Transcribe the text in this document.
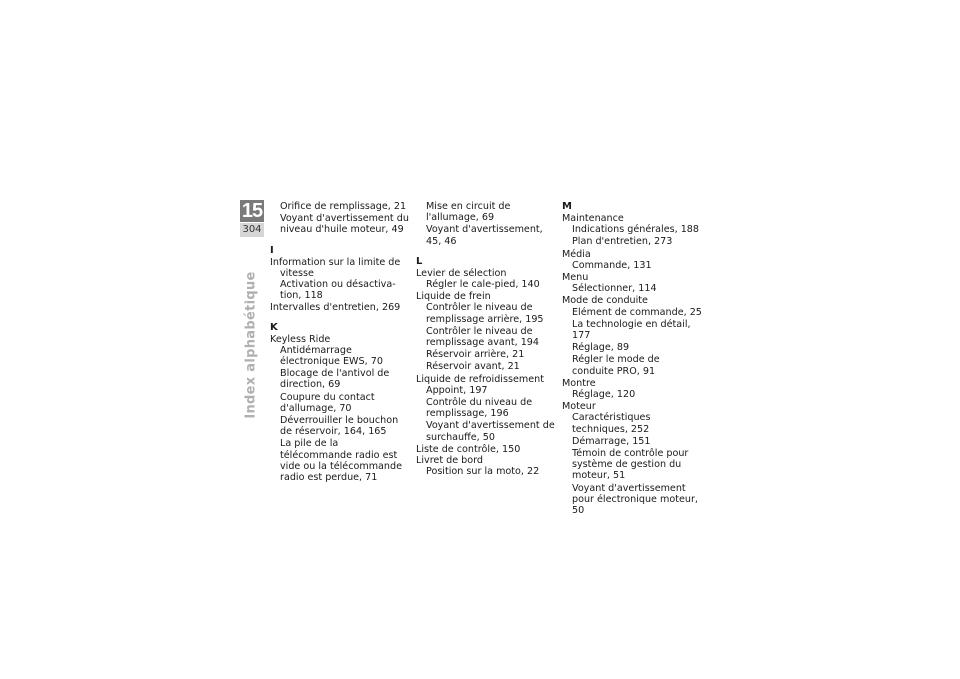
15
304
Index alphabétique
Orifice de remplissage, 21
Voyant d'avertissement du niveau d'huile moteur, 49
I
Information sur la limite de vitesse
Activation ou désactiva- tion, 118
Intervalles d'entretien, 269
K
Keyless Ride
Antidémarrage électronique EWS, 70
Blocage de l'antivol de direction, 69
Coupure du contact d'allumage, 70
Déverrouiller le bouchon de réservoir, 164, 165
La pile de la télécommande radio est vide ou la télécommande radio est perdue, 71
Mise en circuit de l'allumage, 69
Voyant d'avertissement, 45, 46
L
Levier de sélection
Régler le cale-pied, 140
Liquide de frein
Contrôler le niveau de remplissage arrière, 195
Contrôler le niveau de remplissage avant, 194
Réservoir arrière, 21
Réservoir avant, 21
Liquide de refroidissement
Appoint, 197
Contrôle du niveau de remplissage, 196
Voyant d'avertissement de surchauffe, 50
Liste de contrôle, 150
Livret de bord
Position sur la moto, 22
M
Maintenance
Indications générales, 188
Plan d'entretien, 273
Média
Commande, 131
Menu
Sélectionner, 114
Mode de conduite
Elément de commande, 25
La technologie en détail, 177
Réglage, 89
Régler le mode de conduite PRO, 91
Montre
Réglage, 120
Moteur
Caractéristiques techniques, 252
Démarrage, 151
Témoin de contrôle pour système de gestion du moteur, 51
Voyant d'avertissement pour électronique moteur, 50
